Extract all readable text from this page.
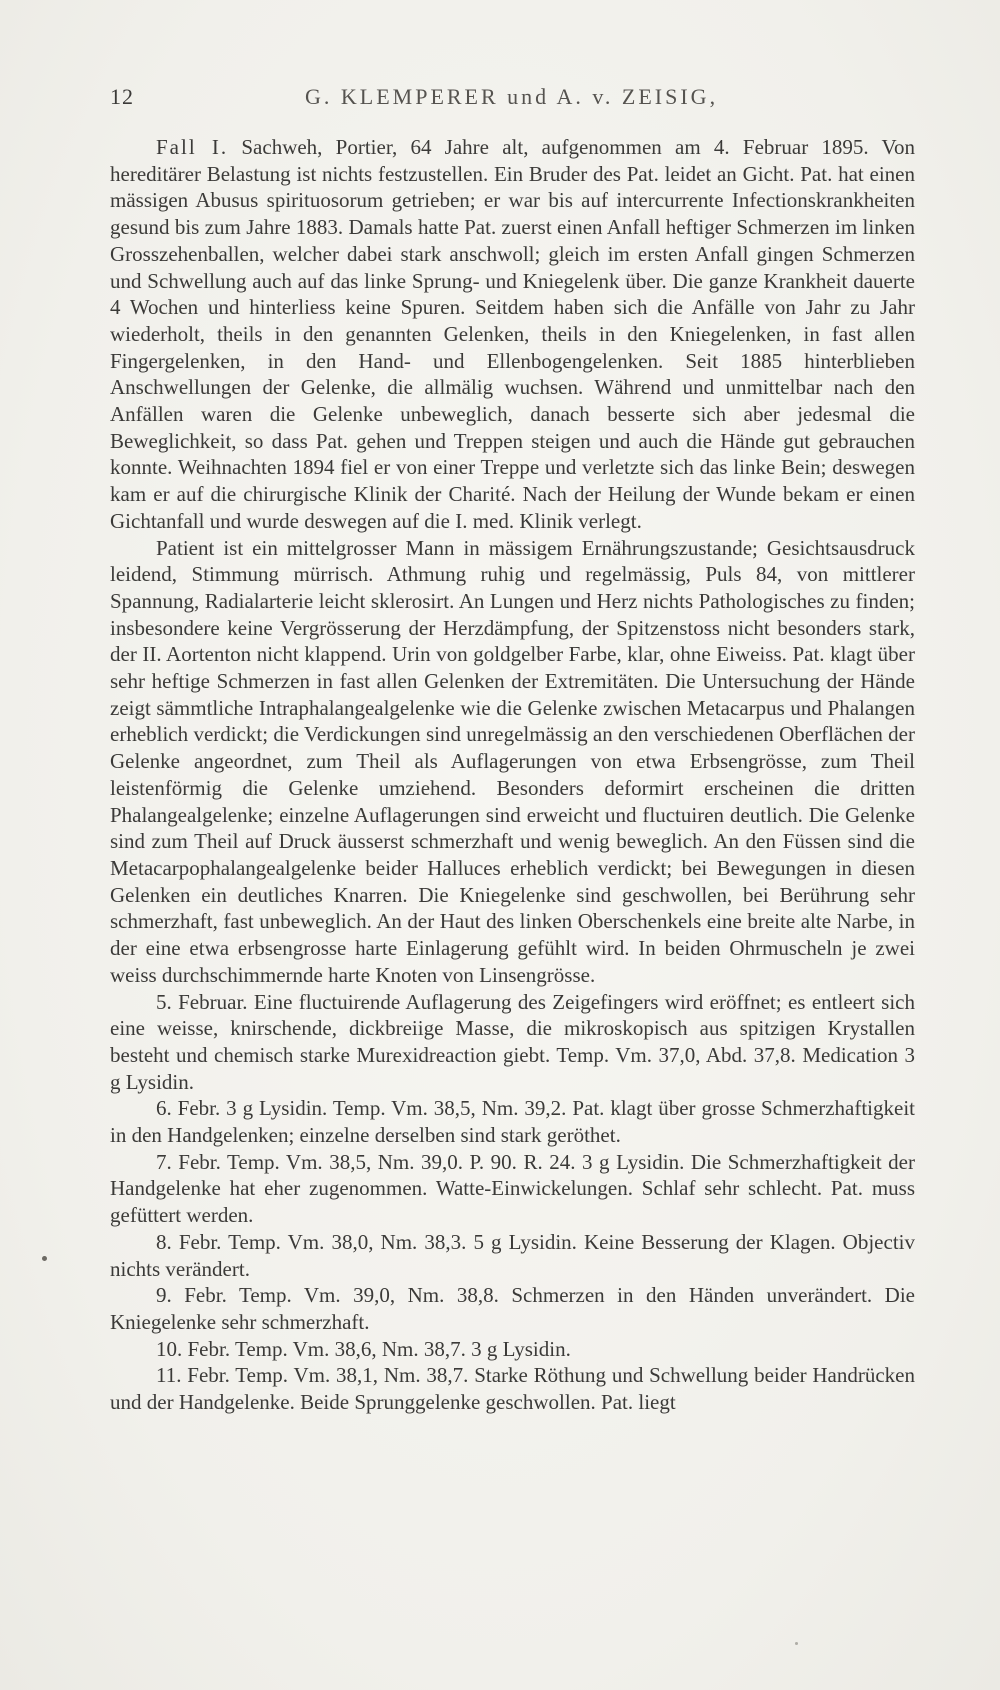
12	G. KLEMPERER und A. v. ZEISIG,

Fall I. Sachweh, Portier, 64 Jahre alt, aufgenommen am 4. Februar 1895. Von hereditärer Belastung ist nichts festzustellen. Ein Bruder des Pat. leidet an Gicht. Pat. hat einen mässigen Abusus spirituosorum getrieben; er war bis auf intercurrente Infectionskrankheiten gesund bis zum Jahre 1883. Damals hatte Pat. zuerst einen Anfall heftiger Schmerzen im linken Grosszehenballen, welcher dabei stark anschwoll; gleich im ersten Anfall gingen Schmerzen und Schwellung auch auf das linke Sprung- und Kniegelenk über. Die ganze Krankheit dauerte 4 Wochen und hinterliess keine Spuren. Seitdem haben sich die Anfälle von Jahr zu Jahr wiederholt, theils in den genannten Gelenken, theils in den Kniegelenken, in fast allen Fingergelenken, in den Hand- und Ellenbogengelenken. Seit 1885 hinterblieben Anschwellungen der Gelenke, die allmälig wuchsen. Während und unmittelbar nach den Anfällen waren die Gelenke unbeweglich, danach besserte sich aber jedesmal die Beweglichkeit, so dass Pat. gehen und Treppen steigen und auch die Hände gut gebrauchen konnte. Weihnachten 1894 fiel er von einer Treppe und verletzte sich das linke Bein; deswegen kam er auf die chirurgische Klinik der Charité. Nach der Heilung der Wunde bekam er einen Gichtanfall und wurde deswegen auf die I. med. Klinik verlegt.

Patient ist ein mittelgrosser Mann in mässigem Ernährungszustande; Gesichtsausdruck leidend, Stimmung mürrisch. Athmung ruhig und regelmässig, Puls 84, von mittlerer Spannung, Radialarterie leicht sklerosirt. An Lungen und Herz nichts Pathologisches zu finden; insbesondere keine Vergrösserung der Herzdämpfung, der Spitzenstoss nicht besonders stark, der II. Aortenton nicht klappend. Urin von goldgelber Farbe, klar, ohne Eiweiss. Pat. klagt über sehr heftige Schmerzen in fast allen Gelenken der Extremitäten. Die Untersuchung der Hände zeigt sämmtliche Intraphalangealgelenke wie die Gelenke zwischen Metacarpus und Phalangen erheblich verdickt; die Verdickungen sind unregelmässig an den verschiedenen Oberflächen der Gelenke angeordnet, zum Theil als Auflagerungen von etwa Erbsengrösse, zum Theil leistenförmig die Gelenke umziehend. Besonders deformirt erscheinen die dritten Phalangealgelenke; einzelne Auflagerungen sind erweicht und fluctuiren deutlich. Die Gelenke sind zum Theil auf Druck äusserst schmerzhaft und wenig beweglich. An den Füssen sind die Metacarpophalangealgelenke beider Halluces erheblich verdickt; bei Bewegungen in diesen Gelenken ein deutliches Knarren. Die Kniegelenke sind geschwollen, bei Berührung sehr schmerzhaft, fast unbeweglich. An der Haut des linken Oberschenkels eine breite alte Narbe, in der eine etwa erbsengrosse harte Einlagerung gefühlt wird. In beiden Ohrmuscheln je zwei weiss durchschimmernde harte Knoten von Linsengrösse.

5. Februar. Eine fluctuirende Auflagerung des Zeigefingers wird eröffnet; es entleert sich eine weisse, knirschende, dickbreiige Masse, die mikroskopisch aus spitzigen Krystallen besteht und chemisch starke Murexidreaction giebt. Temp. Vm. 37,0, Abd. 37,8. Medication 3 g Lysidin.

6. Febr. 3 g Lysidin. Temp. Vm. 38,5, Nm. 39,2. Pat. klagt über grosse Schmerzhaftigkeit in den Handgelenken; einzelne derselben sind stark geröthet.

7. Febr. Temp. Vm. 38,5, Nm. 39,0. P. 90. R. 24. 3 g Lysidin. Die Schmerzhaftigkeit der Handgelenke hat eher zugenommen. Watte-Einwickelungen. Schlaf sehr schlecht. Pat. muss gefüttert werden.

8. Febr. Temp. Vm. 38,0, Nm. 38,3. 5 g Lysidin. Keine Besserung der Klagen. Objectiv nichts verändert.

9. Febr. Temp. Vm. 39,0, Nm. 38,8. Schmerzen in den Händen unverändert. Die Kniegelenke sehr schmerzhaft.

10. Febr. Temp. Vm. 38,6, Nm. 38,7. 3 g Lysidin.

11. Febr. Temp. Vm. 38,1, Nm. 38,7. Starke Röthung und Schwellung beider Handrücken und der Handgelenke. Beide Sprunggelenke geschwollen. Pat. liegt
